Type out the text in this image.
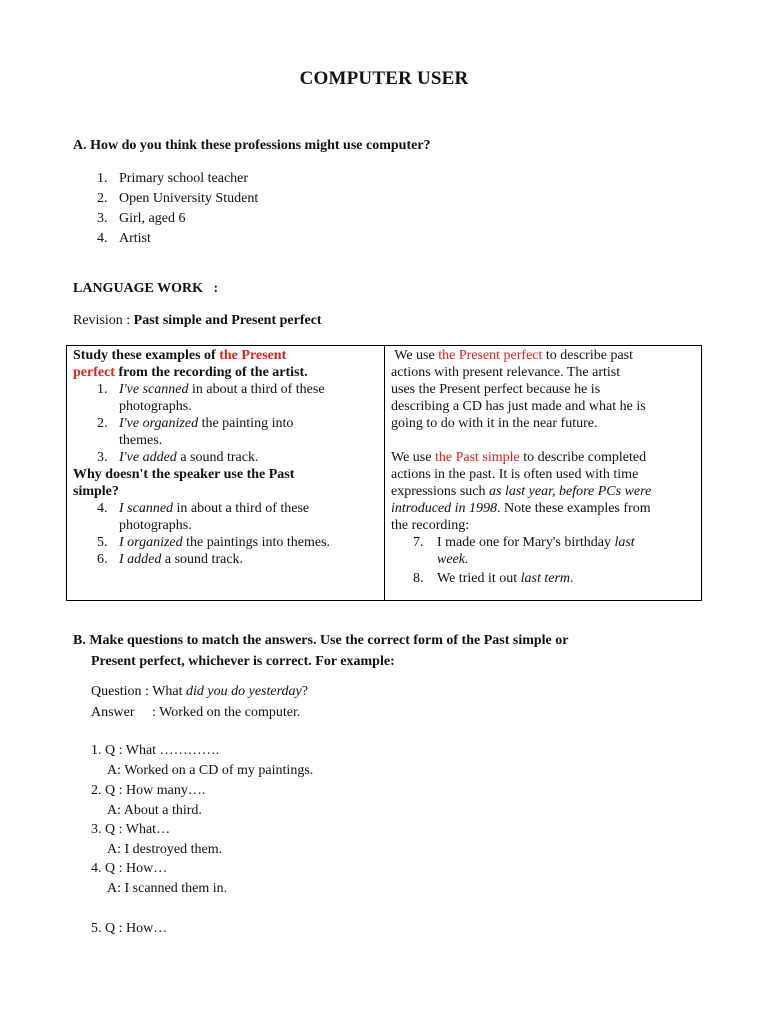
COMPUTER USER
A. How do you think these professions might use computer?
1. Primary school teacher
2. Open University Student
3. Girl, aged 6
4. Artist
LANGUAGE WORK   :
Revision : Past simple and Present perfect
Study these examples of the Present
perfect from the recording of the artist.
1. I've scanned in about a third of these
photographs.
2. I've organized the painting into
themes.
3. I've added a sound track.
Why doesn't the speaker use the Past
simple?
4. I scanned in about a third of these
photographs.
5. I organized the paintings into themes.
6. I added a sound track.
We use the Present perfect to describe past
actions with present relevance. The artist
uses the Present perfect because he is
describing a CD has just made and what he is
going to do with it in the near future.
We use the Past simple to describe completed
actions in the past. It is often used with time
expressions such as last year, before PCs were
introduced in 1998. Note these examples from
the recording:
7. I made one for Mary's birthday last
week.
8. We tried it out last term.
B. Make questions to match the answers. Use the correct form of the Past simple or
Present perfect, whichever is correct. For example:
Question : What did you do yesterday?
Answer     : Worked on the computer.
1. Q : What ………….
A: Worked on a CD of my paintings.
2. Q : How many….
A: About a third.
3. Q : What…
A: I destroyed them.
4. Q : How…
A: I scanned them in.
5. Q : How…
